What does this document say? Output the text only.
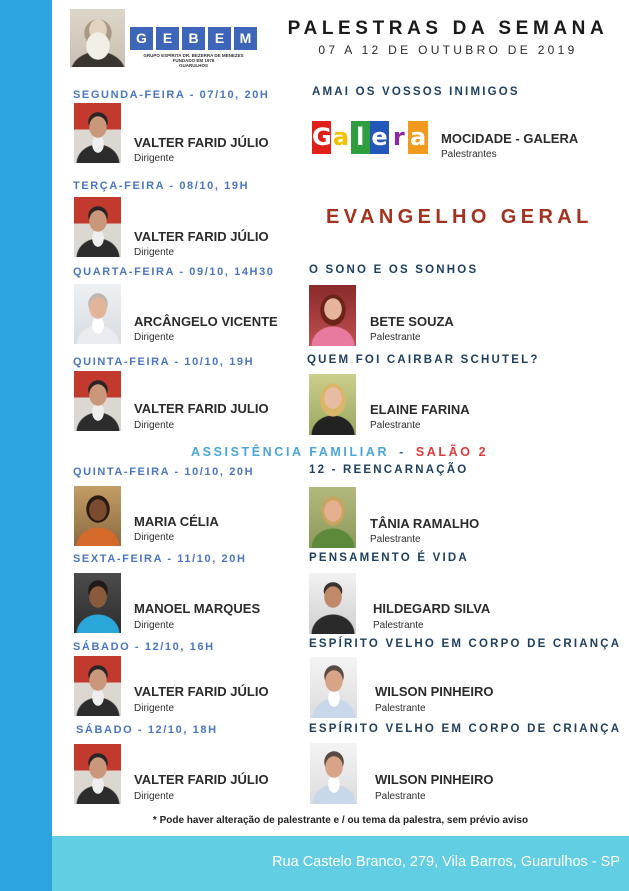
Rua Castelo Branco, 279, Vila Barros, Guarulhos - SP
G	E	B	E	M
GRUPO ESPÍRITA DR. BEZERRA DE MENEZES
FUNDADO EM 1976
GUARULHOS
PALESTRAS DA SEMANA
07 A 12 DE OUTUBRO DE 2019
SEGUNDA-FEIRA - 07/10, 20H
VALTER FARID JÚLIO
Dirigente
AMAI OS VOSSOS INIMIGOS
G a l e r a MOCIDADE - GALERA
Palestrantes
TERÇA-FEIRA - 08/10, 19H
VALTER FARID JÚLIO
Dirigente
EVANGELHO GERAL
QUARTA-FEIRA - 09/10, 14H30
ARCÂNGELO VICENTE
Dirigente
O SONO E OS SONHOS
BETE SOUZA
Palestrante
QUINTA-FEIRA - 10/10, 19H
VALTER FARID JULIO
Dirigente
QUEM FOI CAIRBAR SCHUTEL?
ELAINE FARINA
Palestrante
ASSISTÊNCIA FAMILIAR - SALÃO 2
QUINTA-FEIRA - 10/10, 20H
MARIA CÉLIA
Dirigente
12 - REENCARNAÇÃO
TÂNIA RAMALHO
Palestrante
SEXTA-FEIRA - 11/10, 20H
MANOEL MARQUES
Dirigente
PENSAMENTO É VIDA
HILDEGARD SILVA
Palestrante
SÁBADO - 12/10, 16H
VALTER FARID JÚLIO
Dirigente
ESPÍRITO VELHO EM CORPO DE CRIANÇA
WILSON PINHEIRO
Palestrante
SÁBADO - 12/10, 18H
VALTER FARID JÚLIO
Dirigente
ESPÍRITO VELHO EM CORPO DE CRIANÇA
WILSON PINHEIRO
Palestrante
* Pode haver alteração de palestrante e / ou tema da palestra, sem prévio aviso
